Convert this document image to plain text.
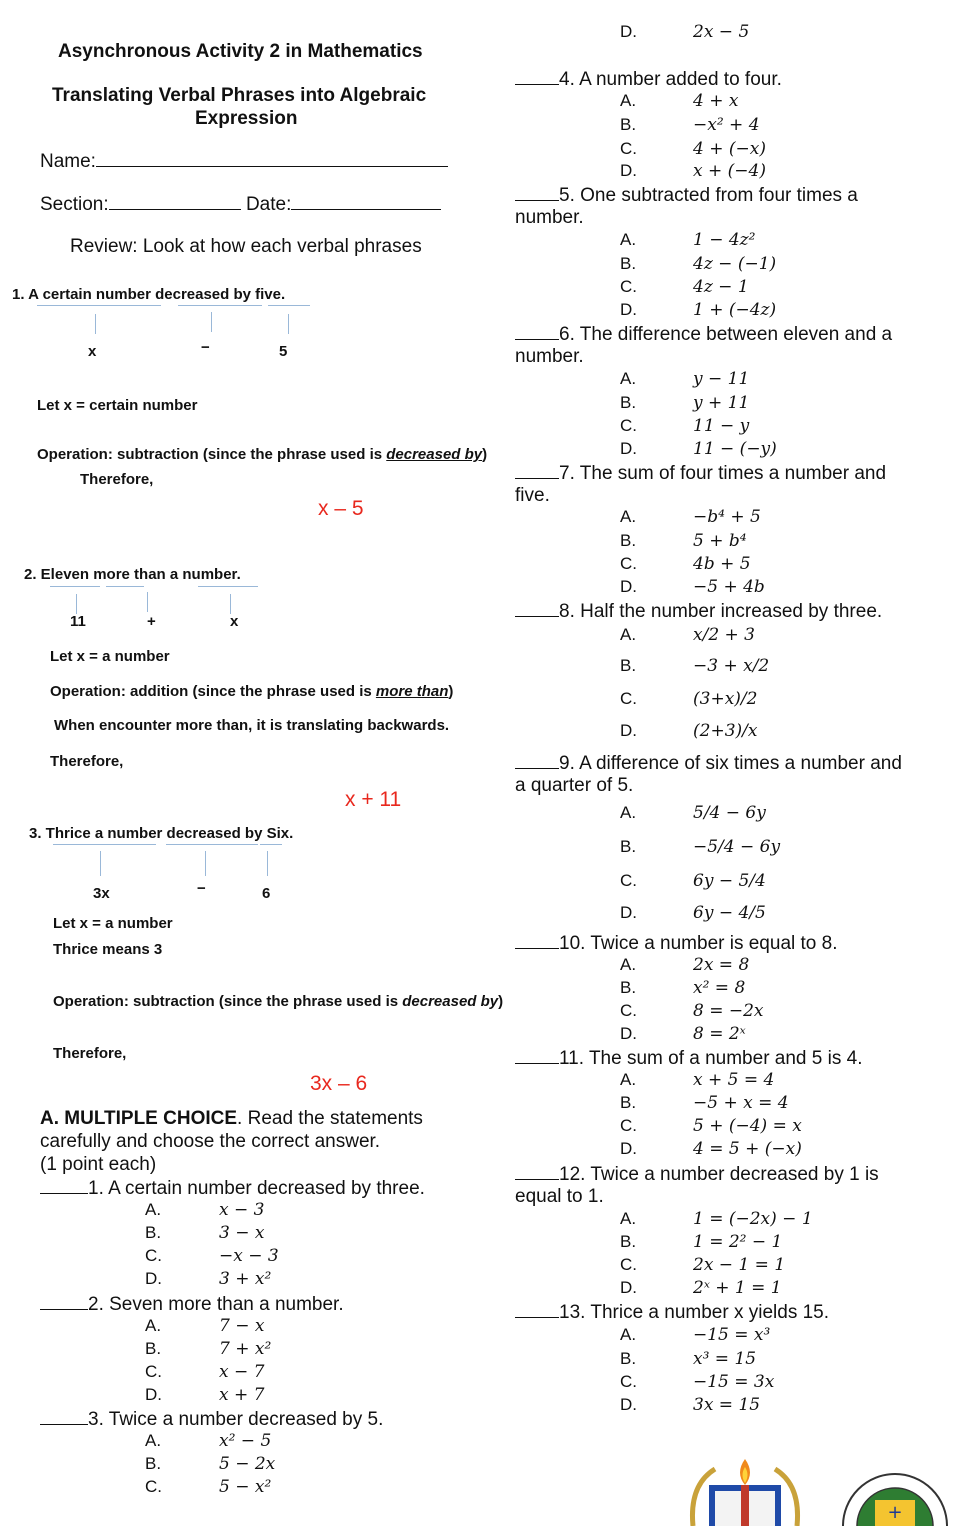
Asynchronous Activity 2 in Mathematics
Translating Verbal Phrases into Algebraic
Expression
Name:
Section:	Date:
Review: Look at how each verbal phrases
1. A certain number decreased by five.
x	−	5
Let x = certain number
Operation: subtraction (since the phrase used is decreased by)
Therefore,
x – 5
2. Eleven more than a number.
11	+	x
Let x = a number
Operation: addition (since the phrase used is more than)
When encounter more than, it is translating backwards.
Therefore,
x + 11
3. Thrice a number decreased by Six.
3x	−	6
Let x = a number
Thrice means 3
Operation: subtraction (since the phrase used is decreased by)
Therefore,
3x – 6
A. MULTIPLE CHOICE. Read the statements
carefully and choose the correct answer.
(1 point each)
1. A certain number decreased by three.
A.	x − 3
B.	3 − x
C.	−x − 3
D.	3 + x²
2. Seven more than a number.
A.	7 − x
B.	7 + x²
C.	x − 7
D.	x + 7
3. Twice a number decreased by 5.
A.	x² − 5
B.	5 − 2x
C.	5 − x²
D.	2x − 5
4. A number added to four.
A.	4 + x
B.	−x² + 4
C.	4 + (−x)
D.	x + (−4)
5. One subtracted from four times a
number.
A.	1 − 4z²
B.	4z − (−1)
C.	4z − 1
D.	1 + (−4z)
6. The difference between eleven and a
number.
A.	y − 11
B.	y + 11
C.	11 − y
D.	11 − (−y)
7. The sum of four times a number and
five.
A.	−b⁴ + 5
B.	5 + b⁴
C.	4b + 5
D.	−5 + 4b
8. Half the number increased by three.
A.	x/2 + 3
B.	−3 + x/2
C.	(3+x)/2
D.	(2+3)/x
9. A difference of six times a number and
a quarter of 5.
A.	5/4 − 6y
B.	−5/4 − 6y
C.	6y − 5/4
D.	6y − 4/5
10. Twice a number is equal to 8.
A.	2x = 8
B.	x² = 8
C.	8 = −2x
D.	8 = 2ˣ
11. The sum of a number and 5 is 4.
A.	x + 5 = 4
B.	−5 + x = 4
C.	5 + (−4) = x
D.	4 = 5 + (−x)
12. Twice a number decreased by 1 is
equal to 1.
A.	1 = (−2x) − 1
B.	1 = 2² − 1
C.	2x − 1 = 1
D.	2ˣ + 1 = 1
13. Thrice a number x yields 15.
A.	−15 = x³
B.	x³ = 15
C.	−15 = 3x
D.	3x = 15
+
